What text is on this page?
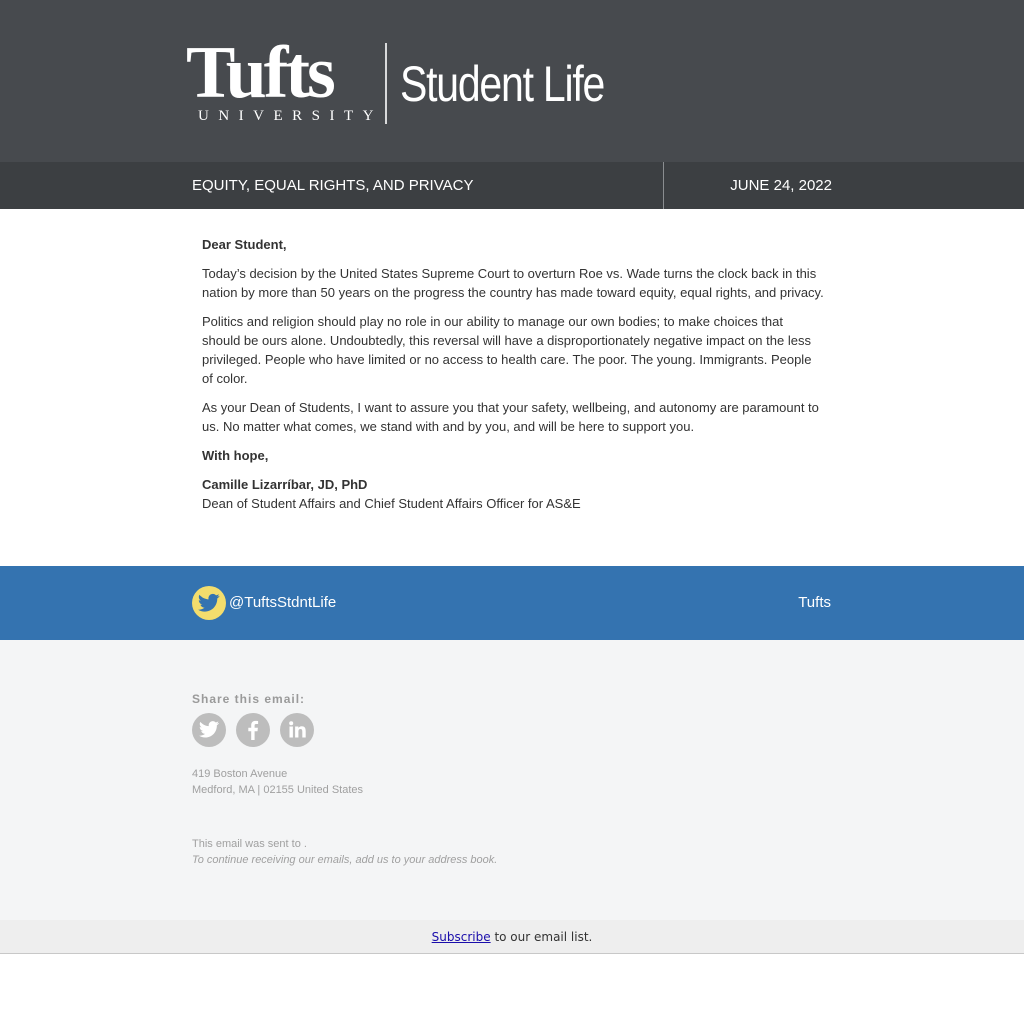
Tufts
UNIVERSITY
Student Life
EQUITY, EQUAL RIGHTS, AND PRIVACY	JUNE 24, 2022

Dear Student,

Today’s decision by the United States Supreme Court to overturn Roe vs. Wade turns the clock back in this nation by more than 50 years on the progress the country has made toward equity, equal rights, and privacy.

Politics and religion should play no role in our ability to manage our own bodies; to make choices that should be ours alone. Undoubtedly, this reversal will have a disproportionately negative impact on the less privileged. People who have limited or no access to health care. The poor. The young. Immigrants. People of color.

As your Dean of Students, I want to assure you that your safety, wellbeing, and autonomy are paramount to us. No matter what comes, we stand with and by you, and will be here to support you.

With hope,

Camille Lizarríbar, JD, PhD
Dean of Student Affairs and Chief Student Affairs Officer for AS&E
@TuftsStdntLife	Tufts
Share this email:
419 Boston Avenue
Medford, MA | 02155 United States
This email was sent to .
To continue receiving our emails, add us to your address book.
Subscribe to our email list.
